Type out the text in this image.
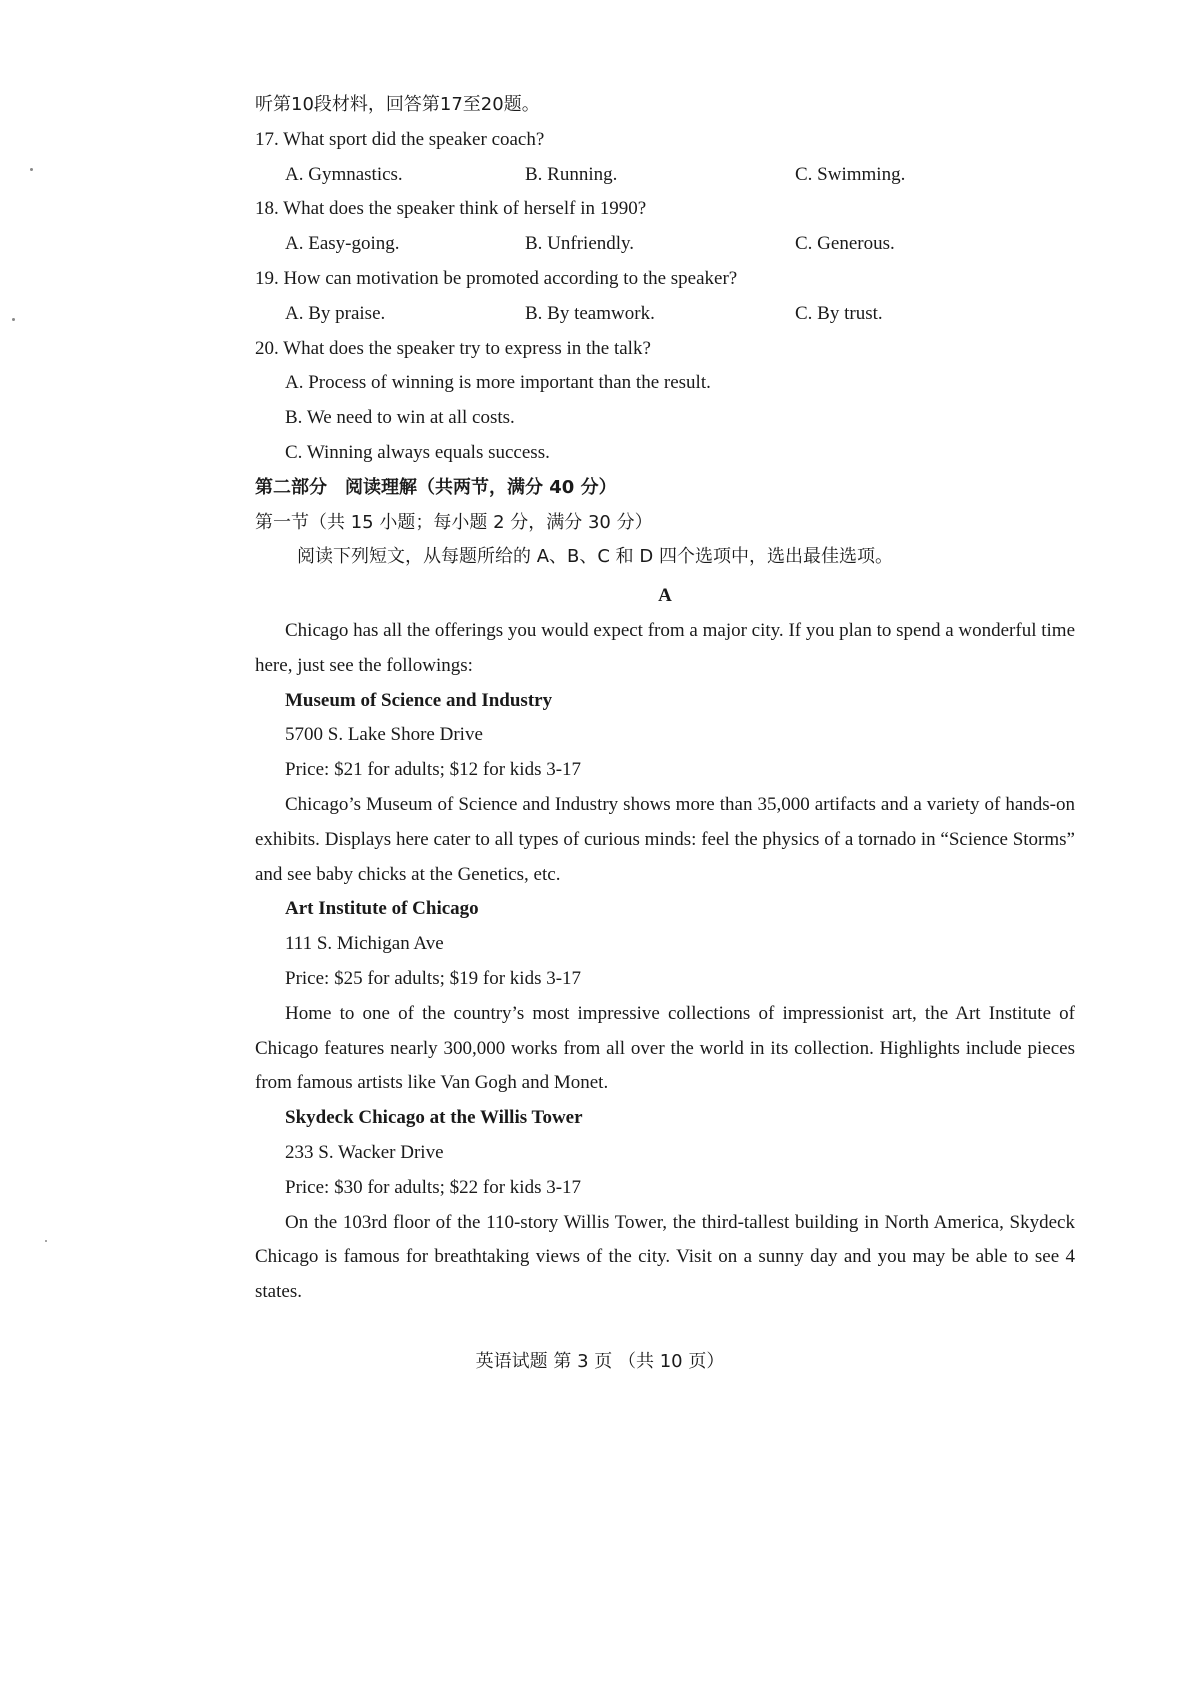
听第10段材料，回答第17至20题。
17. What sport did the speaker coach?
A. Gymnastics.	B. Running.	C. Swimming.
18. What does the speaker think of herself in 1990?
A. Easy-going.	B. Unfriendly.	C. Generous.
19. How can motivation be promoted according to the speaker?
A. By praise.	B. By teamwork.	C. By trust.
20. What does the speaker try to express in the talk?
A. Process of winning is more important than the result.
B. We need to win at all costs.
C. Winning always equals success.
第二部分　阅读理解（共两节，满分 40 分）
第一节（共 15 小题；每小题 2 分，满分 30 分）
阅读下列短文，从每题所给的 A、B、C 和 D 四个选项中，选出最佳选项。
A
Chicago has all the offerings you would expect from a major city. If you plan to spend a wonderful time here, just see the followings:
Museum of Science and Industry
5700 S. Lake Shore Drive
Price: $21 for adults; $12 for kids 3-17
Chicago’s Museum of Science and Industry shows more than 35,000 artifacts and a variety of hands-on exhibits. Displays here cater to all types of curious minds: feel the physics of a tornado in “Science Storms” and see baby chicks at the Genetics, etc.
Art Institute of Chicago
111 S. Michigan Ave
Price: $25 for adults; $19 for kids 3-17
Home to one of the country’s most impressive collections of impressionist art, the Art Institute of Chicago features nearly 300,000 works from all over the world in its collection. Highlights include pieces from famous artists like Van Gogh and Monet.
Skydeck Chicago at the Willis Tower
233 S. Wacker Drive
Price: $30 for adults; $22 for kids 3-17
On the 103rd floor of the 110-story Willis Tower, the third-tallest building in North America, Skydeck Chicago is famous for breathtaking views of the city. Visit on a sunny day and you may be able to see 4 states.
英语试题 第 3 页 （共 10 页）
